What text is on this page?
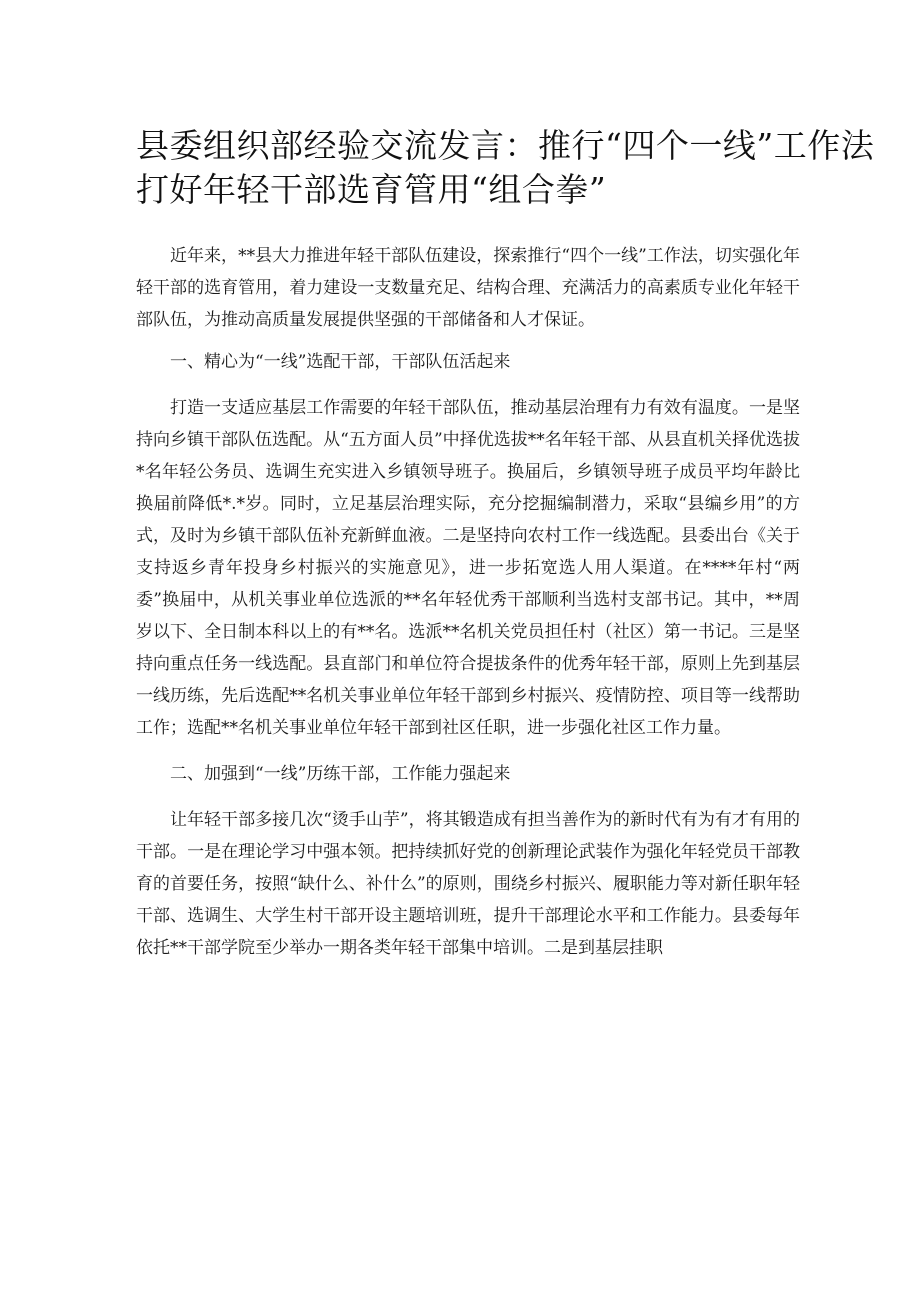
县委组织部经验交流发言：推行“四个一线”工作法
打好年轻干部选育管用“组合拳”

近年来，**县大力推进年轻干部队伍建设，探索推行“四个一线”工作法，切实强化年轻干部的选育管用，着力建设一支数量充足、结构合理、充满活力的高素质专业化年轻干部队伍，为推动高质量发展提供坚强的干部储备和人才保证。

一、精心为“一线”选配干部，干部队伍活起来

打造一支适应基层工作需要的年轻干部队伍，推动基层治理有力有效有温度。一是坚持向乡镇干部队伍选配。从“五方面人员”中择优选拔**名年轻干部、从县直机关择优选拔*名年轻公务员、选调生充实进入乡镇领导班子。换届后，乡镇领导班子成员平均年龄比换届前降低*.*岁。同时，立足基层治理实际，充分挖掘编制潜力，采取“县编乡用”的方式，及时为乡镇干部队伍补充新鲜血液。二是坚持向农村工作一线选配。县委出台《关于支持返乡青年投身乡村振兴的实施意见》，进一步拓宽选人用人渠道。在****年村“两委”换届中，从机关事业单位选派的**名年轻优秀干部顺利当选村支部书记。其中，**周岁以下、全日制本科以上的有**名。选派**名机关党员担任村（社区）第一书记。三是坚持向重点任务一线选配。县直部门和单位符合提拔条件的优秀年轻干部，原则上先到基层一线历练，先后选配**名机关事业单位年轻干部到乡村振兴、疫情防控、项目等一线帮助工作；选配**名机关事业单位年轻干部到社区任职，进一步强化社区工作力量。

二、加强到“一线”历练干部，工作能力强起来

让年轻干部多接几次“烫手山芋”，将其锻造成有担当善作为的新时代有为有才有用的干部。一是在理论学习中强本领。把持续抓好党的创新理论武装作为强化年轻党员干部教育的首要任务，按照“缺什么、补什么”的原则，围绕乡村振兴、履职能力等对新任职年轻干部、选调生、大学生村干部开设主题培训班，提升干部理论水平和工作能力。县委每年依托**干部学院至少举办一期各类年轻干部集中培训。二是到基层挂职
